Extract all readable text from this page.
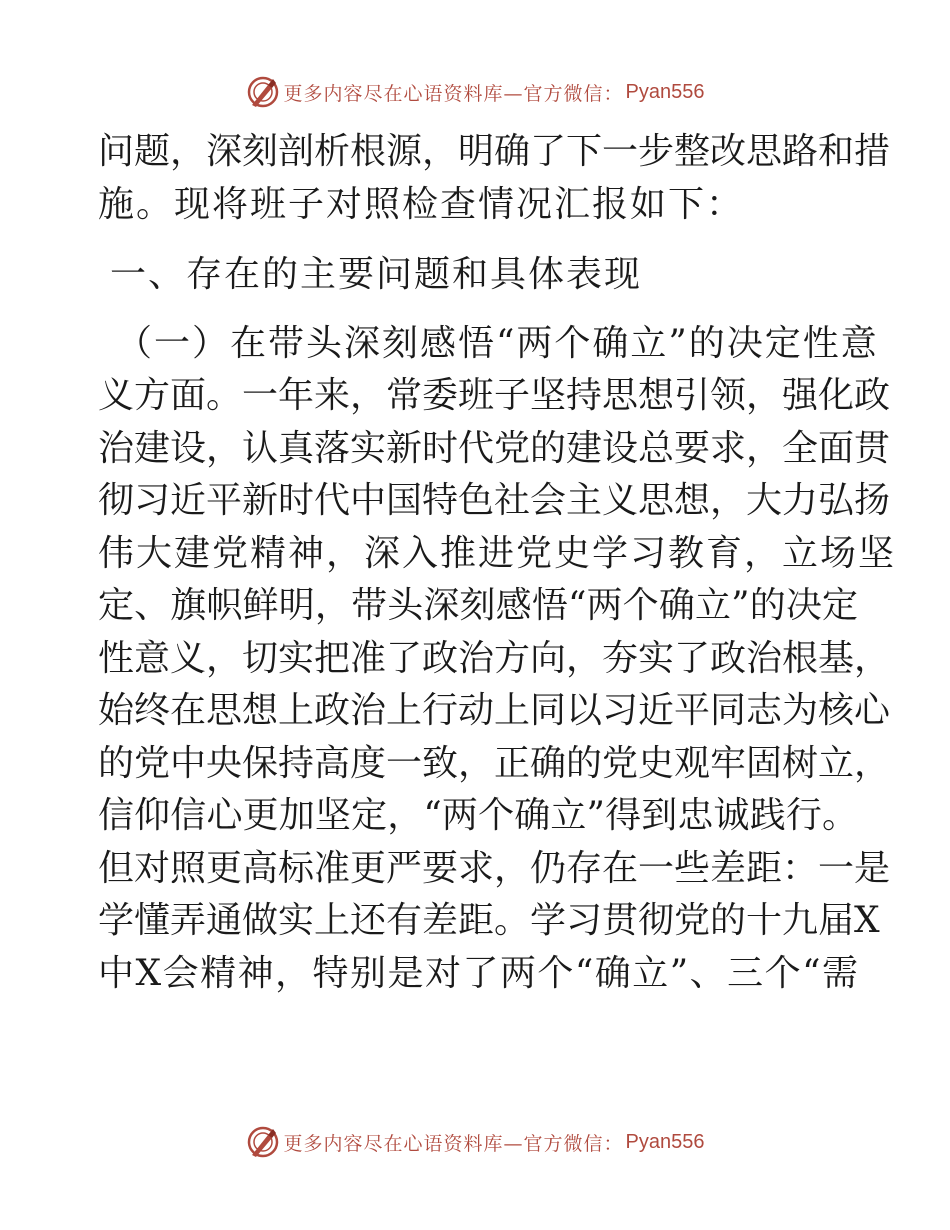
更多内容尽在心语资料库—官方微信： Pyan556
问题，深刻剖析根源，明确了下一步整改思路和措
施。现将班子对照检查情况汇报如下：
一、存在的主要问题和具体表现
（一）在带头深刻感悟“两个确立”的决定性意
义方面。一年来，常委班子坚持思想引领，强化政
治建设，认真落实新时代党的建设总要求，全面贯
彻习近平新时代中国特色社会主义思想，大力弘扬
伟大建党精神，深入推进党史学习教育，立场坚
定、旗帜鲜明，带头深刻感悟“两个确立”的决定
性意义，切实把准了政治方向，夯实了政治根基，
始终在思想上政治上行动上同以习近平同志为核心
的党中央保持高度一致，正确的党史观牢固树立，
信仰信心更加坚定，“两个确立”得到忠诚践行。
但对照更高标准更严要求，仍存在一些差距：一是
学懂弄通做实上还有差距。学习贯彻党的十九届X
中X会精神，特别是对了两个“确立”、三个“需
更多内容尽在心语资料库—官方微信： Pyan556
